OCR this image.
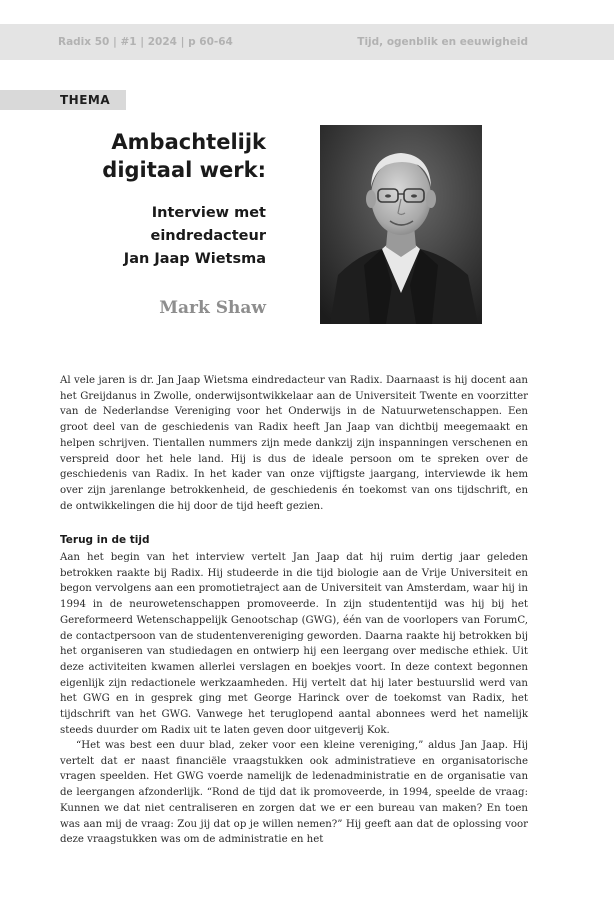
Radix 50 | #1 | 2024 | p 60-64	Tijd, ogenblik en eeuwigheid
THEMA
Ambachtelijk
digitaal werk:
Interview met
eindredacteur
Jan Jaap Wietsma
Mark Shaw

Al vele jaren is dr. Jan Jaap Wietsma eindredacteur van Radix. Daarnaast is hij docent aan het Greijdanus in Zwolle, onderwijsontwikkelaar aan de Universiteit Twente en voorzitter van de Nederlandse Vereniging voor het Onderwijs in de Natuurwetenschappen. Een groot deel van de geschiedenis van Radix heeft Jan Jaap van dichtbij meegemaakt en helpen schrijven. Tientallen nummers zijn mede dankzij zijn inspanningen verschenen en verspreid door het hele land. Hij is dus de ideale persoon om te spreken over de geschiedenis van Radix. In het kader van onze vijftigste jaargang, interviewde ik hem over zijn jarenlange betrokkenheid, de geschiedenis én toekomst van ons tijdschrift, en de ontwikkelingen die hij door de tijd heeft gezien.

Terug in de tijd

Aan het begin van het interview vertelt Jan Jaap dat hij ruim dertig jaar geleden betrokken raakte bij Radix. Hij studeerde in die tijd biologie aan de Vrije Universiteit en begon vervolgens aan een promotietraject aan de Universiteit van Amsterdam, waar hij in 1994 in de neurowetenschappen promoveerde. In zijn studententijd was hij bij het Gereformeerd Wetenschappelijk Genootschap (GWG), één van de voorlopers van ForumC, de contactpersoon van de studentenvereniging geworden. Daarna raakte hij betrokken bij het organiseren van studiedagen en ontwierp hij een leergang over medische ethiek. Uit deze activiteiten kwamen allerlei verslagen en boekjes voort. In deze context begonnen eigenlijk zijn redactionele werkzaamheden. Hij vertelt dat hij later bestuurslid werd van het GWG en in gesprek ging met George Harinck over de toekomst van Radix, het tijdschrift van het GWG. Vanwege het teruglopend aantal abonnees werd het namelijk steeds duurder om Radix uit te laten geven door uitgeverij Kok.

“Het was best een duur blad, zeker voor een kleine vereniging,” aldus Jan Jaap. Hij vertelt dat er naast financiële vraagstukken ook administratieve en organisatorische vragen speelden. Het GWG voerde namelijk de ledenadministratie en de organisatie van de leergangen afzonderlijk. “Rond de tijd dat ik promoveerde, in 1994, speelde de vraag: Kunnen we dat niet centraliseren en zorgen dat we er een bureau van maken? En toen was aan mij de vraag: Zou jij dat op je willen nemen?” Hij geeft aan dat de oplossing voor deze vraagstukken was om de administratie en het
